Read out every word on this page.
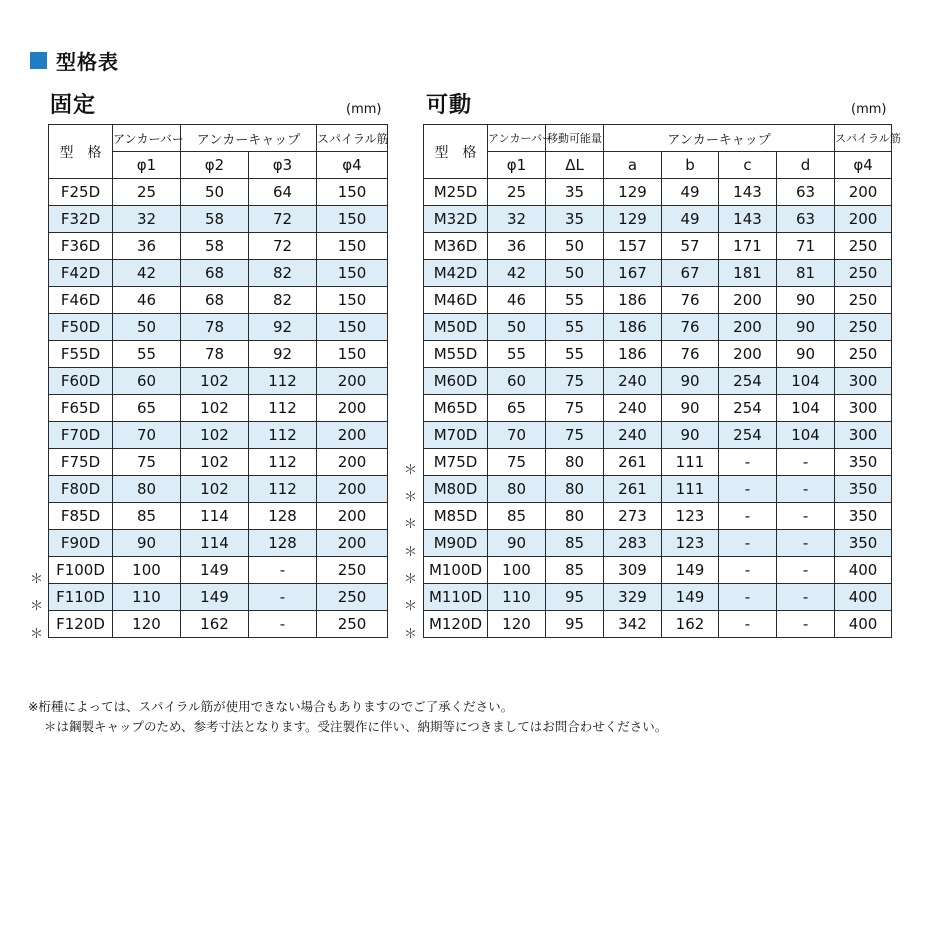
型格表
固定	(mm) 可動	(mm)
型　格	アンカーバー	アンカーキャップ		スパイラル筋
	φ1	φ2	φ3	φ4
F25D	25	50	64	150
F32D	32	58	72	150
F36D	36	58	72	150
F42D	42	68	82	150
F46D	46	68	82	150
F50D	50	78	92	150
F55D	55	78	92	150
F60D	60	102	112	200
F65D	65	102	112	200
F70D	70	102	112	200
F75D	75	102	112	200
F80D	80	102	112	200
F85D	85	114	128	200
F90D	90	114	128	200
F100D	100	149	-	250
F110D	110	149	-	250
F120D	120	162	-	250
型　格	アンカーバー	移動可能量	アンカーキャップ				スパイラル筋
	φ1	ΔL	a	b	c	d	φ4
M25D	25	35	129	49	143	63	200
M32D	32	35	129	49	143	63	200
M36D	36	50	157	57	171	71	250
M42D	42	50	167	67	181	81	250
M46D	46	55	186	76	200	90	250
M50D	50	55	186	76	200	90	250
M55D	55	55	186	76	200	90	250
M60D	60	75	240	90	254	104	300
M65D	65	75	240	90	254	104	300
M70D	70	75	240	90	254	104	300
M75D	75	80	261	111	-	-	350
M80D	80	80	261	111	-	-	350
M85D	85	80	273	123	-	-	350
M90D	90	85	283	123	-	-	350
M100D	100	85	309	149	-	-	400
M110D	110	95	329	149	-	-	400
M120D	120	95	342	162	-	-	400
＊
＊
＊
＊
＊
＊
＊
＊
＊
＊
※桁種によっては、スパイラル筋が使用できない場合もありますのでご了承ください。
＊は鋼製キャップのため、参考寸法となります。受注製作に伴い、納期等につきましてはお問合わせください。
